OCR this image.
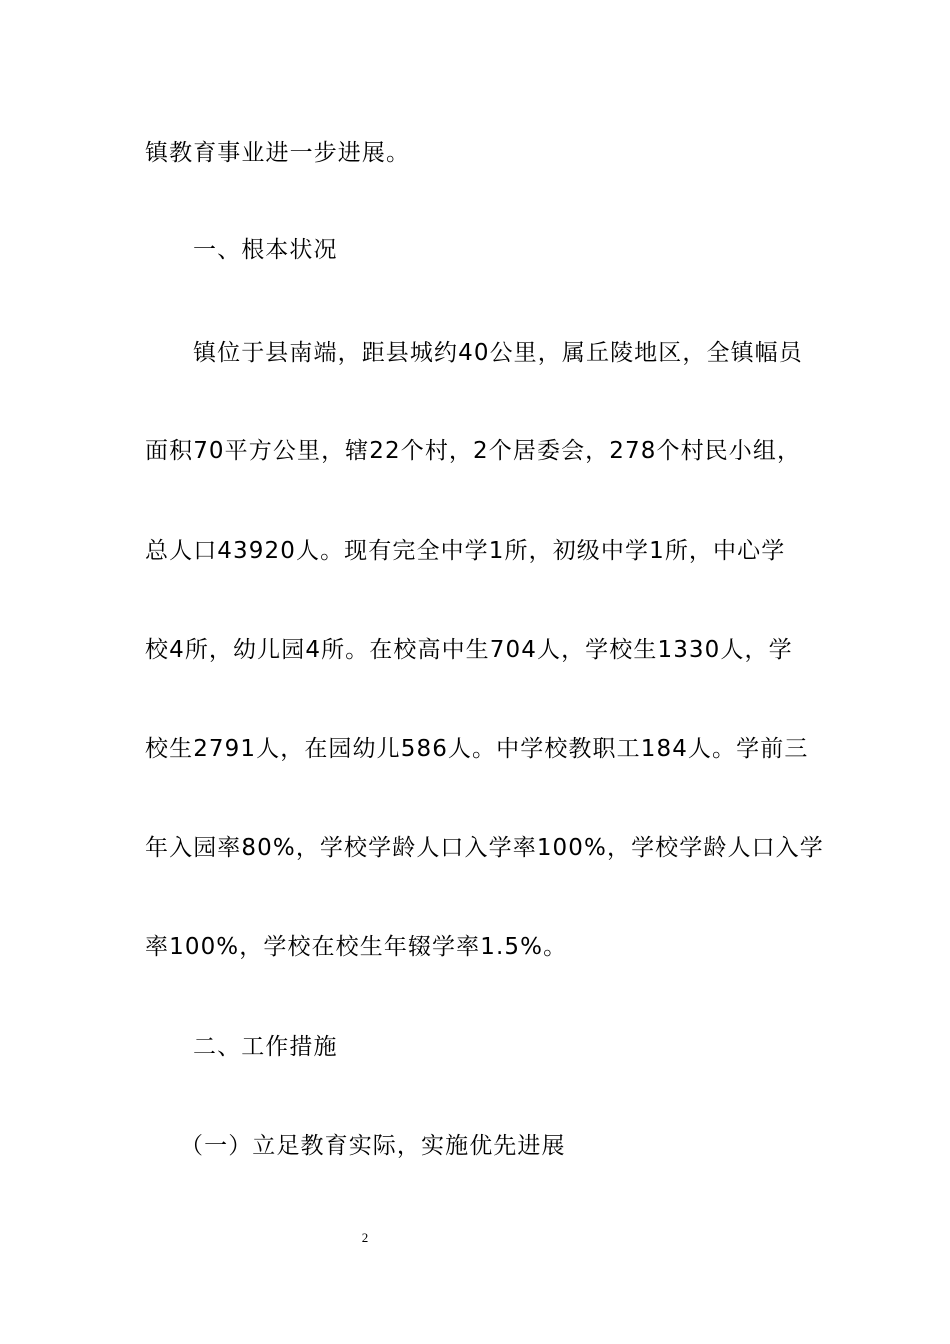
镇教育事业进一步进展。

一、根本状况

镇位于县南端，距县城约40公里，属丘陵地区，全镇幅员

面积70平方公里，辖22个村，2个居委会，278个村民小组，

总人口43920人。现有完全中学1所，初级中学1所，中心学

校4所，幼儿园4所。在校高中生704人，学校生1330人，学

校生2791人，在园幼儿586人。中学校教职工184人。学前三

年入园率80%，学校学龄人口入学率100%，学校学龄人口入学

率100%，学校在校生年辍学率1.5%。

二、工作措施

（一）立足教育实际，实施优先进展

2
